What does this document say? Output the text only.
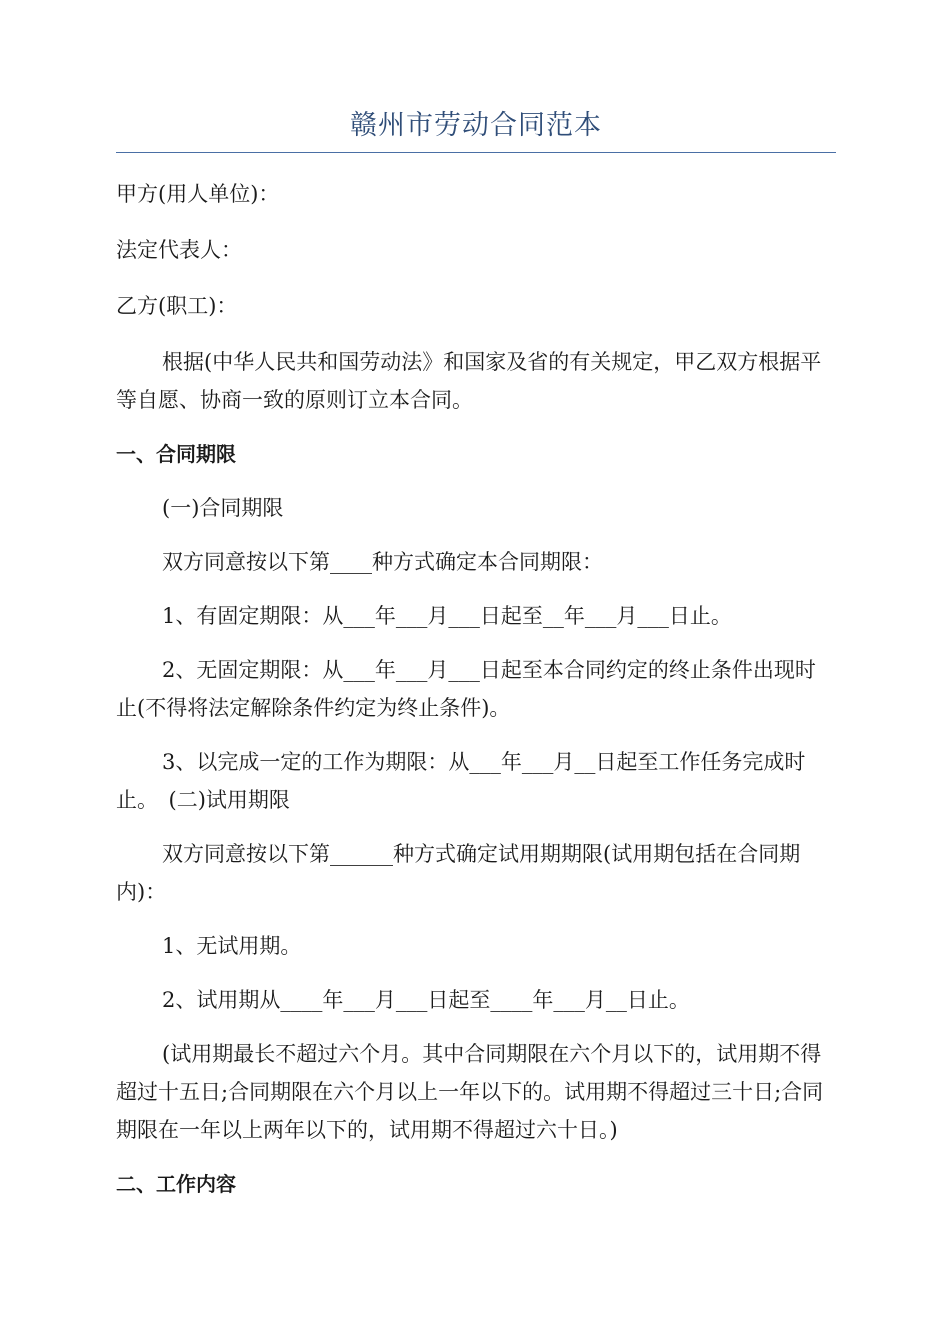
赣州市劳动合同范本

甲方(用人单位)：

法定代表人：

乙方(职工)：

根据(中华人民共和国劳动法》和国家及省的有关规定，甲乙双方根据平等自愿、协商一致的原则订立本合同。

一、合同期限

(一)合同期限

双方同意按以下第____种方式确定本合同期限：

1、有固定期限：从___年___月___日起至__年___月___日止。

2、无固定期限：从___年___月___日起至本合同约定的终止条件出现时止(不得将法定解除条件约定为终止条件)。

3、以完成一定的工作为期限：从___年___月__日起至工作任务完成时止。　(二)试用期限

双方同意按以下第______种方式确定试用期期限(试用期包括在合同期内)：

1、无试用期。

2、试用期从____年___月___日起至____年___月__日止。

(试用期最长不超过六个月。其中合同期限在六个月以下的，试用期不得超过十五日;合同期限在六个月以上一年以下的。试用期不得超过三十日;合同期限在一年以上两年以下的，试用期不得超过六十日。)

二、工作内容
